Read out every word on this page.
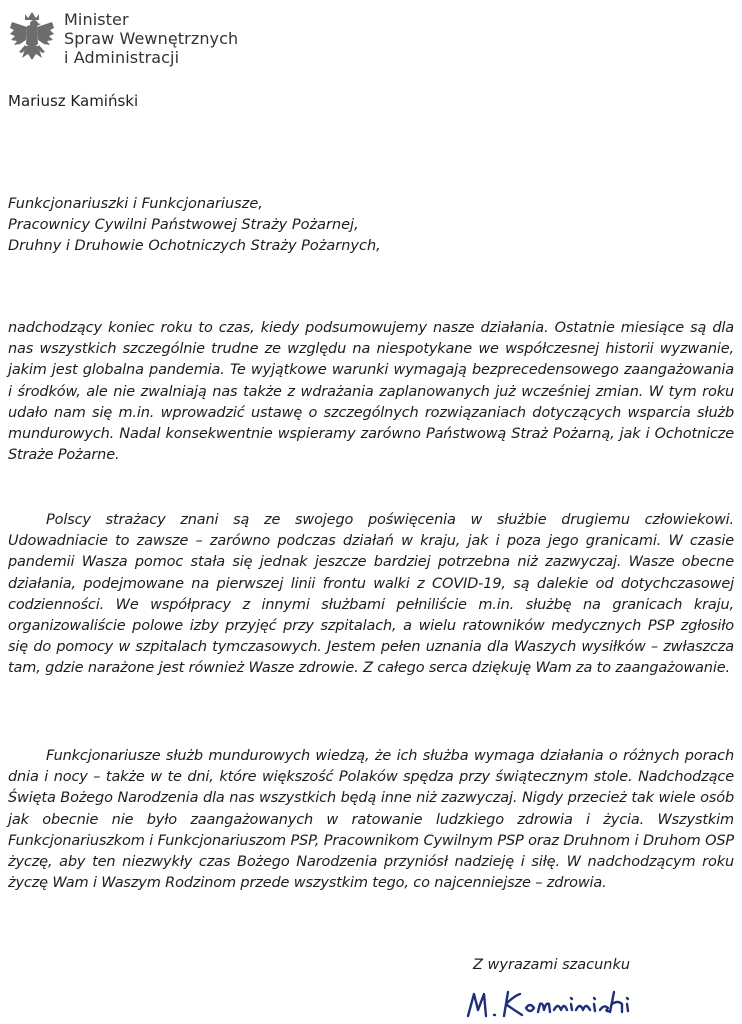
Minister
Spraw Wewnętrznych
i Administracji
Mariusz Kamiński
Funkcjonariuszki i Funkcjonariusze,
Pracownicy Cywilni Państwowej Straży Pożarnej,
Druhny i Druhowie Ochotniczych Straży Pożarnych,
nadchodzący koniec roku to czas, kiedy podsumowujemy nasze działania. Ostatnie miesiące są dla nas wszystkich szczególnie trudne ze względu na niespotykane we współczesnej historii wyzwanie, jakim jest globalna pandemia. Te wyjątkowe warunki wymagają bezprecedensowego zaangażowania i środków, ale nie zwalniają nas także z wdrażania zaplanowanych już wcześniej zmian. W tym roku udało nam się m.in. wprowadzić ustawę o szczególnych rozwiązaniach dotyczących wsparcia służb mundurowych. Nadal konsekwentnie wspieramy zarówno Państwową Straż Pożarną, jak i Ochotnicze Straże Pożarne.
Polscy strażacy znani są ze swojego poświęcenia w służbie drugiemu człowiekowi. Udowadniacie to zawsze – zarówno podczas działań w kraju, jak i poza jego granicami. W czasie pandemii Wasza pomoc stała się jednak jeszcze bardziej potrzebna niż zazwyczaj. Wasze obecne działania, podejmowane na pierwszej linii frontu walki z COVID-19, są dalekie od dotychczasowej codzienności. We współpracy z innymi służbami pełniliście m.in. służbę na granicach kraju, organizowaliście polowe izby przyjęć przy szpitalach, a wielu ratowników medycznych PSP zgłosiło się do pomocy w szpitalach tymczasowych. Jestem pełen uznania dla Waszych wysiłków – zwłaszcza tam, gdzie narażone jest również Wasze zdrowie. Z całego serca dziękuję Wam za to zaangażowanie.
Funkcjonariusze służb mundurowych wiedzą, że ich służba wymaga działania o różnych porach dnia i nocy – także w te dni, które większość Polaków spędza przy świątecznym stole. Nadchodzące Święta Bożego Narodzenia dla nas wszystkich będą inne niż zazwyczaj. Nigdy przecież tak wiele osób jak obecnie nie było zaangażowanych w ratowanie ludzkiego zdrowia i życia. Wszystkim Funkcjonariuszkom i Funkcjonariuszom PSP, Pracownikom Cywilnym PSP oraz Druhnom i Druhom OSP życzę, aby ten niezwykły czas Bożego Narodzenia przyniósł nadzieję i siłę. W nadchodzącym roku życzę Wam i Waszym Rodzinom przede wszystkim tego, co najcenniejsze – zdrowia.
Z wyrazami szacunku
